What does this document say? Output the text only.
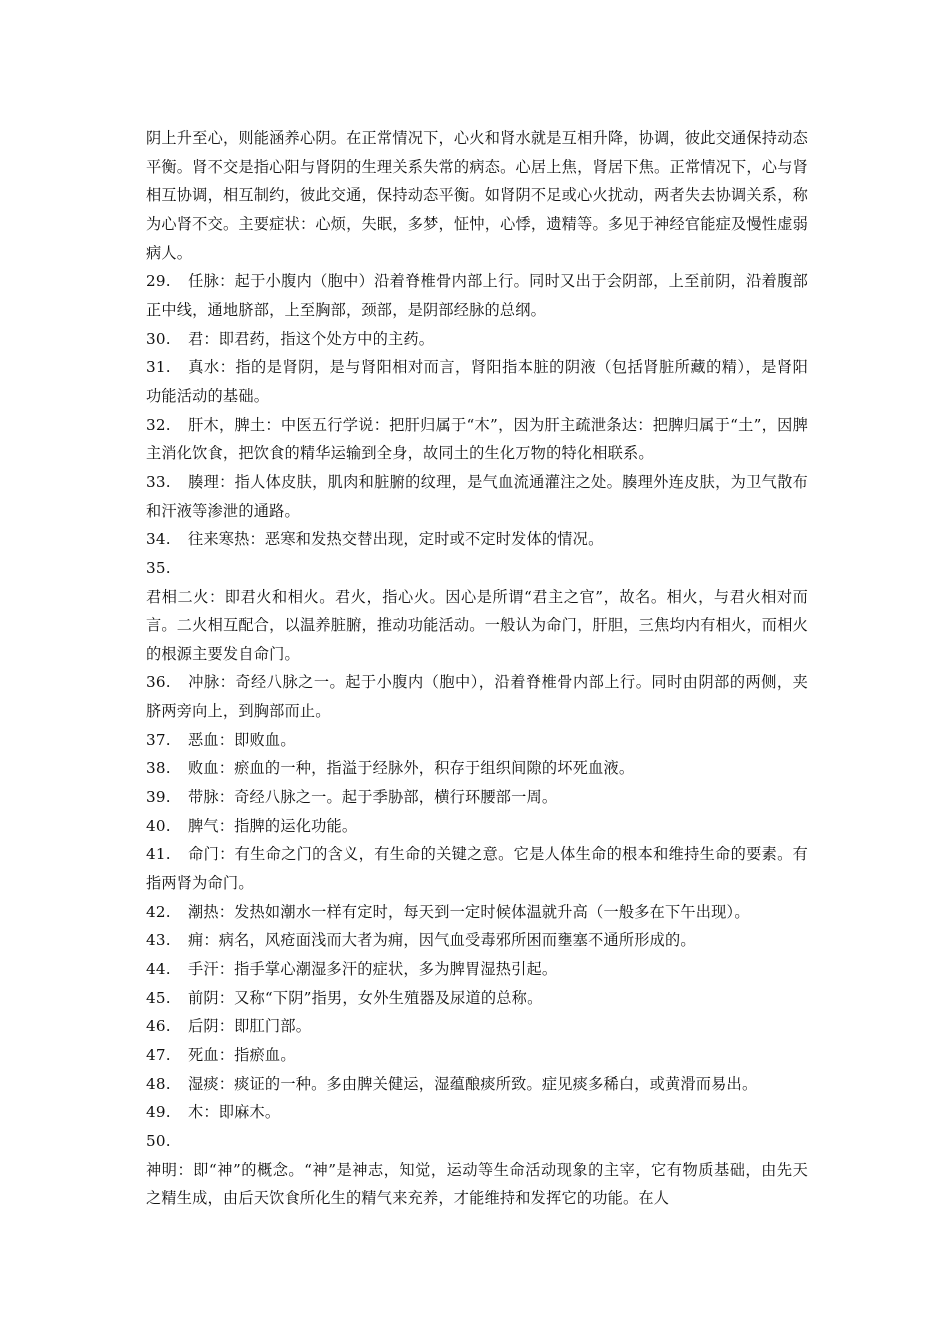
阴上升至心，则能涵养心阴。在正常情况下，心火和肾水就是互相升降，协调，彼此交通保持动态平衡。肾不交是指心阳与肾阴的生理关系失常的病态。心居上焦，肾居下焦。正常情况下，心与肾相互协调，相互制约，彼此交通，保持动态平衡。如肾阴不足或心火扰动，两者失去协调关系，称为心肾不交。主要症状：心烦，失眠，多梦，怔忡，心悸，遗精等。多见于神经官能症及慢性虚弱病人。

29. 任脉：起于小腹内（胞中）沿着脊椎骨内部上行。同时又出于会阴部，上至前阴，沿着腹部正中线，通地脐部，上至胸部，颈部，是阴部经脉的总纲。

30. 君：即君药，指这个处方中的主药。

31. 真水：指的是肾阴，是与肾阳相对而言，肾阳指本脏的阴液（包括肾脏所藏的精），是肾阳功能活动的基础。

32. 肝木，脾土：中医五行学说：把肝归属于“木”，因为肝主疏泄条达：把脾归属于“土”，因脾主消化饮食，把饮食的精华运输到全身，故同土的生化万物的特化相联系。

33. 腠理：指人体皮肤，肌肉和脏腑的纹理，是气血流通灌注之处。腠理外连皮肤，为卫气散布和汗液等渗泄的通路。

34. 往来寒热：恶寒和发热交替出现，定时或不定时发体的情况。

35.

君相二火：即君火和相火。君火，指心火。因心是所谓“君主之官”，故名。相火，与君火相对而言。二火相互配合，以温养脏腑，推动功能活动。一般认为命门，肝胆，三焦均内有相火，而相火的根源主要发自命门。

36. 冲脉：奇经八脉之一。起于小腹内（胞中），沿着脊椎骨内部上行。同时由阴部的两侧，夹脐两旁向上，到胸部而止。

37. 恶血：即败血。

38. 败血：瘀血的一种，指溢于经脉外，积存于组织间隙的坏死血液。

39. 带脉：奇经八脉之一。起于季胁部，横行环腰部一周。

40. 脾气：指脾的运化功能。

41. 命门：有生命之门的含义，有生命的关键之意。它是人体生命的根本和维持生命的要素。有指两肾为命门。

42. 潮热：发热如潮水一样有定时，每天到一定时候体温就升高（一般多在下午出现）。

43. 痈：病名，风疮面浅而大者为痈，因气血受毒邪所困而壅塞不通所形成的。

44. 手汗：指手掌心潮湿多汗的症状，多为脾胃湿热引起。

45. 前阴：又称“下阴”指男，女外生殖器及尿道的总称。

46. 后阴：即肛门部。

47. 死血：指瘀血。

48. 湿痰：痰证的一种。多由脾关健运，湿蕴酿痰所致。症见痰多稀白，或黄滑而易出。

49. 木：即麻木。

50.

神明：即“神”的概念。“神”是神志，知觉，运动等生命活动现象的主宰，它有物质基础，由先天之精生成，由后天饮食所化生的精气来充养，才能维持和发挥它的功能。在人
